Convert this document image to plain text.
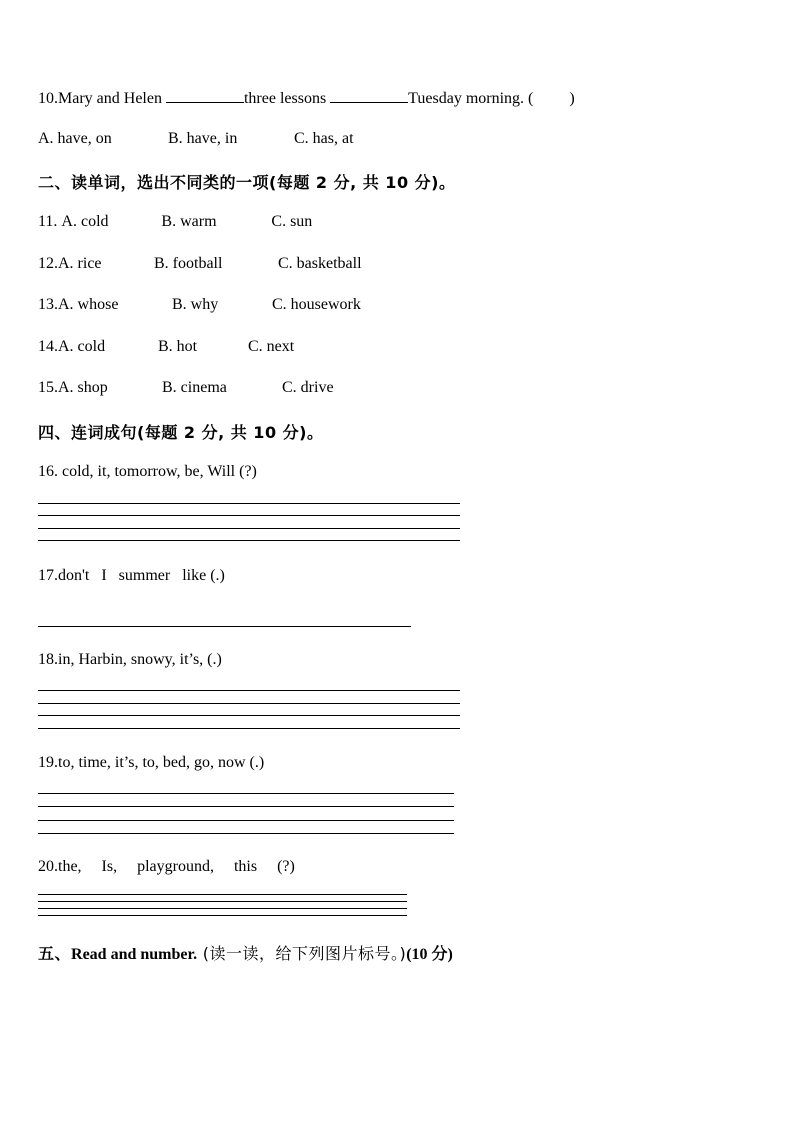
10.Mary and Helen	three lessons	Tuesday morning. ( )
A. have, on	B. have, in	C. has, at
二、读单词，选出不同类的一项(每题 2 分, 共 10 分)。
11. A. cold	B. warm	C. sun
12.A. rice	B. football	C. basketball
13.A. whose	B. why	C. housework
14.A. cold	B. hot	C. next
15.A. shop	B. cinema	C. drive
四、连词成句(每题 2 分, 共 10 分)。
16. cold, it, tomorrow, be, Will (?)
17.don't   I   summer   like (.)
18.in, Harbin, snowy, it’s, (.)
19.to, time, it’s, to, bed, go, now (.)
20.the,     Is,     playground,     this     (?)
五、Read and number. (读一读，给下列图片标号。)(10 分)
